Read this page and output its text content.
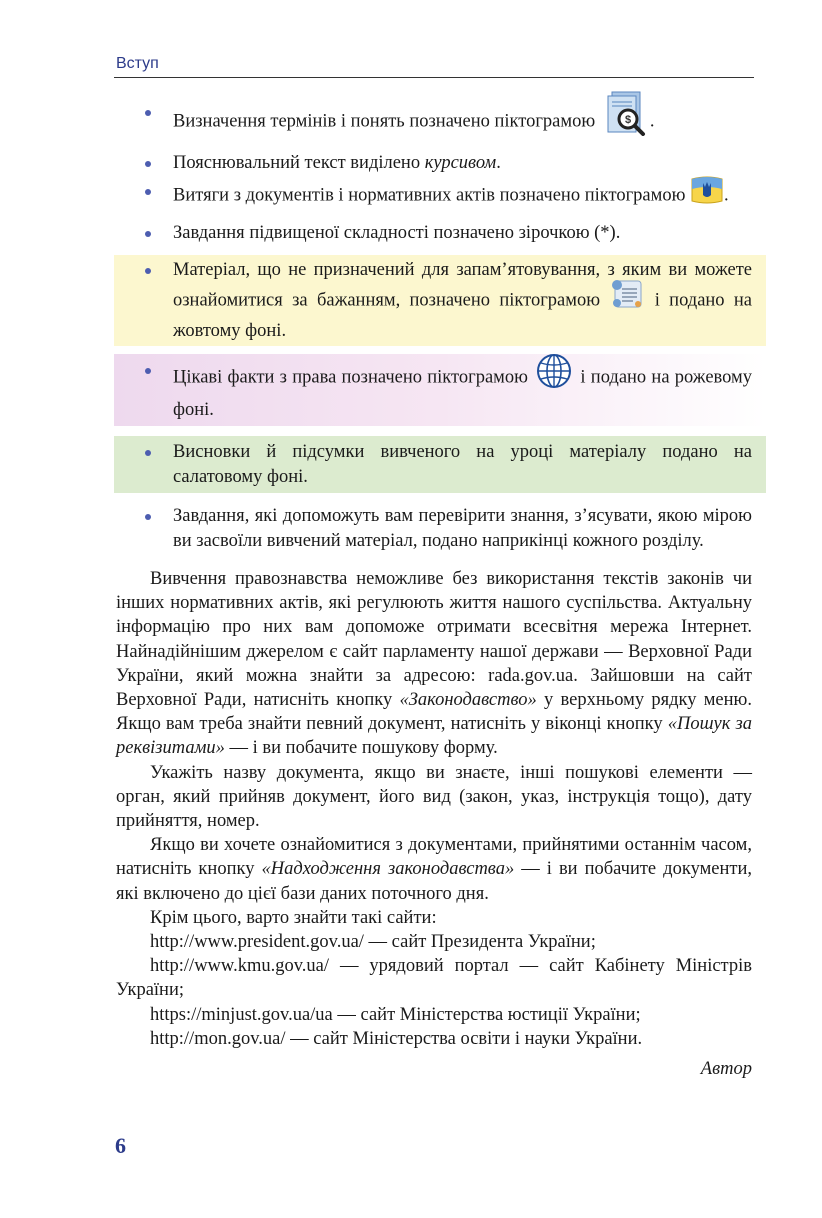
Вступ
Визначення термінів і понять позначено піктограмою	$ .
Пояснювальний текст виділено курсивом.
Витяги з документів і нормативних актів позначено піктограмою .
Завдання підвищеної складності позначено зірочкою (*).
Матеріал, що не призначений для запам’ятовування, з яким ви можете ознайомитися за бажанням, позначено піктограмою	і подано на жовтому фоні.
Цікаві факти з права позначено піктограмою	і подано на рожевому фоні.
Висновки й підсумки вивченого на уроці матеріалу подано на салатовому фоні.
Завдання, які допоможуть вам перевірити знання, з’ясувати, якою мірою ви засвоїли вивчений матеріал, подано наприкінці кожного розділу.

Вивчення правознавства неможливе без використання текстів законів чи інших нормативних актів, які регулюють життя нашого суспільства. Актуальну інформацію про них вам допоможе отримати всесвітня мережа Інтернет. Найнадійнішим джерелом є сайт парламенту нашої держави — Верховної Ради України, який можна знайти за адресою: rada.gov.ua. Зайшовши на сайт Верховної Ради, натисніть кнопку «Законодавство» у верхньому рядку меню. Якщо вам треба знайти певний документ, натисніть у віконці кнопку «Пошук за реквізитами» — і ви побачите пошукову форму.

Укажіть назву документа, якщо ви знаєте, інші пошукові елементи — орган, який прийняв документ, його вид (закон, указ, інструкція тощо), дату прийняття, номер.

Якщо ви хочете ознайомитися з документами, прийнятими останнім часом, натисніть кнопку «Надходження законодавства» — і ви побачите документи, які включено до цієї бази даних поточного дня.

Крім цього, варто знайти такі сайти:

http://www.president.gov.ua/ — сайт Президента України;

http://www.kmu.gov.ua/ — урядовий портал — сайт Кабінету Міністрів України;

https://minjust.gov.ua/ua — сайт Міністерства юстиції України;

http://mon.gov.ua/ — сайт Міністерства освіти і науки України.

Автор
6
